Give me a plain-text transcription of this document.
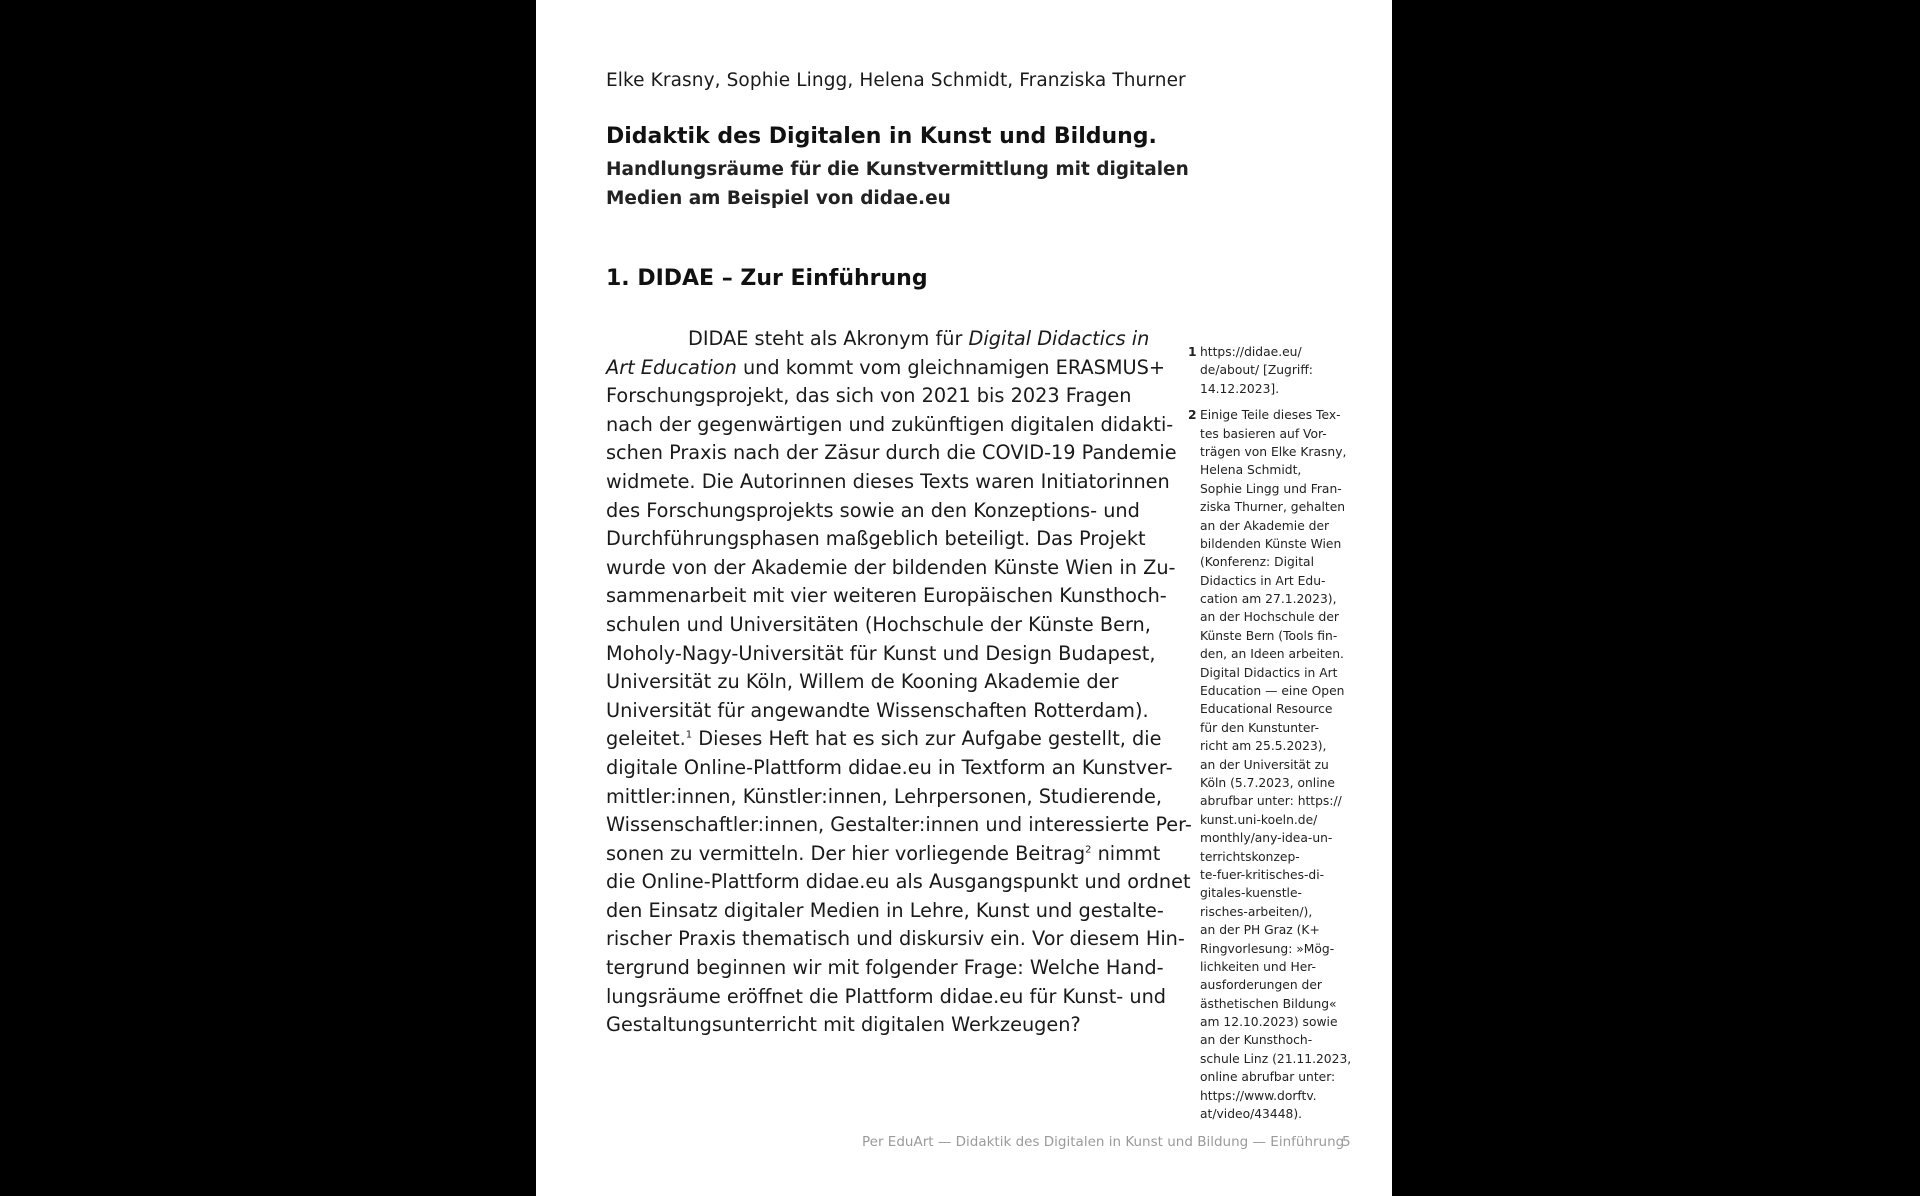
Elke Krasny, Sophie Lingg, Helena Schmidt, Franziska Thurner
Didaktik des Digitalen in Kunst und Bildung.
Handlungsräume für die Kunstvermittlung mit digitalen
Medien am Beispiel von didae.eu
1. DIDAE – Zur Einführung
DIDAE steht als Akronym für Digital Didactics in
Art Education und kommt vom gleichnamigen ERASMUS+
Forschungsprojekt, das sich von 2021 bis 2023 Fragen
nach der gegenwärtigen und zukünftigen digitalen didakti-
schen Praxis nach der Zäsur durch die COVID-19 Pandemie
widmete. Die Autorinnen dieses Texts waren Initiatorinnen
des Forschungsprojekts sowie an den Konzeptions- und
Durchführungsphasen maßgeblich beteiligt. Das Projekt
wurde von der Akademie der bildenden Künste Wien in Zu-
sammenarbeit mit vier weiteren Europäischen Kunsthoch-
schulen und Universitäten (Hochschule der Künste Bern,
Moholy-Nagy-Universität für Kunst und Design Budapest,
Universität zu Köln, Willem de Kooning Akademie der
Universität für angewandte Wissenschaften Rotterdam).
geleitet.$^1$ Dieses Heft hat es sich zur Aufgabe gestellt, die
digitale Online-Plattform didae.eu in Textform an Kunstver-
mittler:innen, Künstler:innen, Lehrpersonen, Studierende,
Wissenschaftler:innen, Gestalter:innen und interessierte Per-
sonen zu vermitteln. Der hier vorliegende Beitrag$^2$ nimmt
die Online-Plattform didae.eu als Ausgangspunkt und ordnet
den Einsatz digitaler Medien in Lehre, Kunst und gestalte-
rischer Praxis thematisch und diskursiv ein. Vor diesem Hin-
tergrund beginnen wir mit folgender Frage: Welche Hand-
lungsräume eröffnet die Plattform didae.eu für Kunst- und
Gestaltungsunterricht mit digitalen Werkzeugen?
1 https://didae.eu/
de/about/ [Zugriff:
14.12.2023].
2 Einige Teile dieses Tex-
tes basieren auf Vor-
trägen von Elke Krasny,
Helena Schmidt,
Sophie Lingg und Fran-
ziska Thurner, gehalten
an der Akademie der
bildenden Künste Wien
(Konferenz: Digital
Didactics in Art Edu-
cation am 27.1.2023),
an der Hochschule der
Künste Bern (Tools fin-
den, an Ideen arbeiten.
Digital Didactics in Art
Education — eine Open
Educational Resource
für den Kunstunter-
richt am 25.5.2023),
an der Universität zu
Köln (5.7.2023, online
abrufbar unter: https://
kunst.uni-koeln.de/
monthly/any-idea-un-
terrichtskonzep-
te-fuer-kritisches-di-
gitales-kuenstle-
risches-arbeiten/),
an der PH Graz (K+
Ringvorlesung: »Mög-
lichkeiten und Her-
ausforderungen der
ästhetischen Bildung«
am 12.10.2023) sowie
an der Kunsthoch-
schule Linz (21.11.2023,
online abrufbar unter:
https://www.dorftv.
at/video/43448).
Per EduArt — Didaktik des Digitalen in Kunst und Bildung — Einführung
5
